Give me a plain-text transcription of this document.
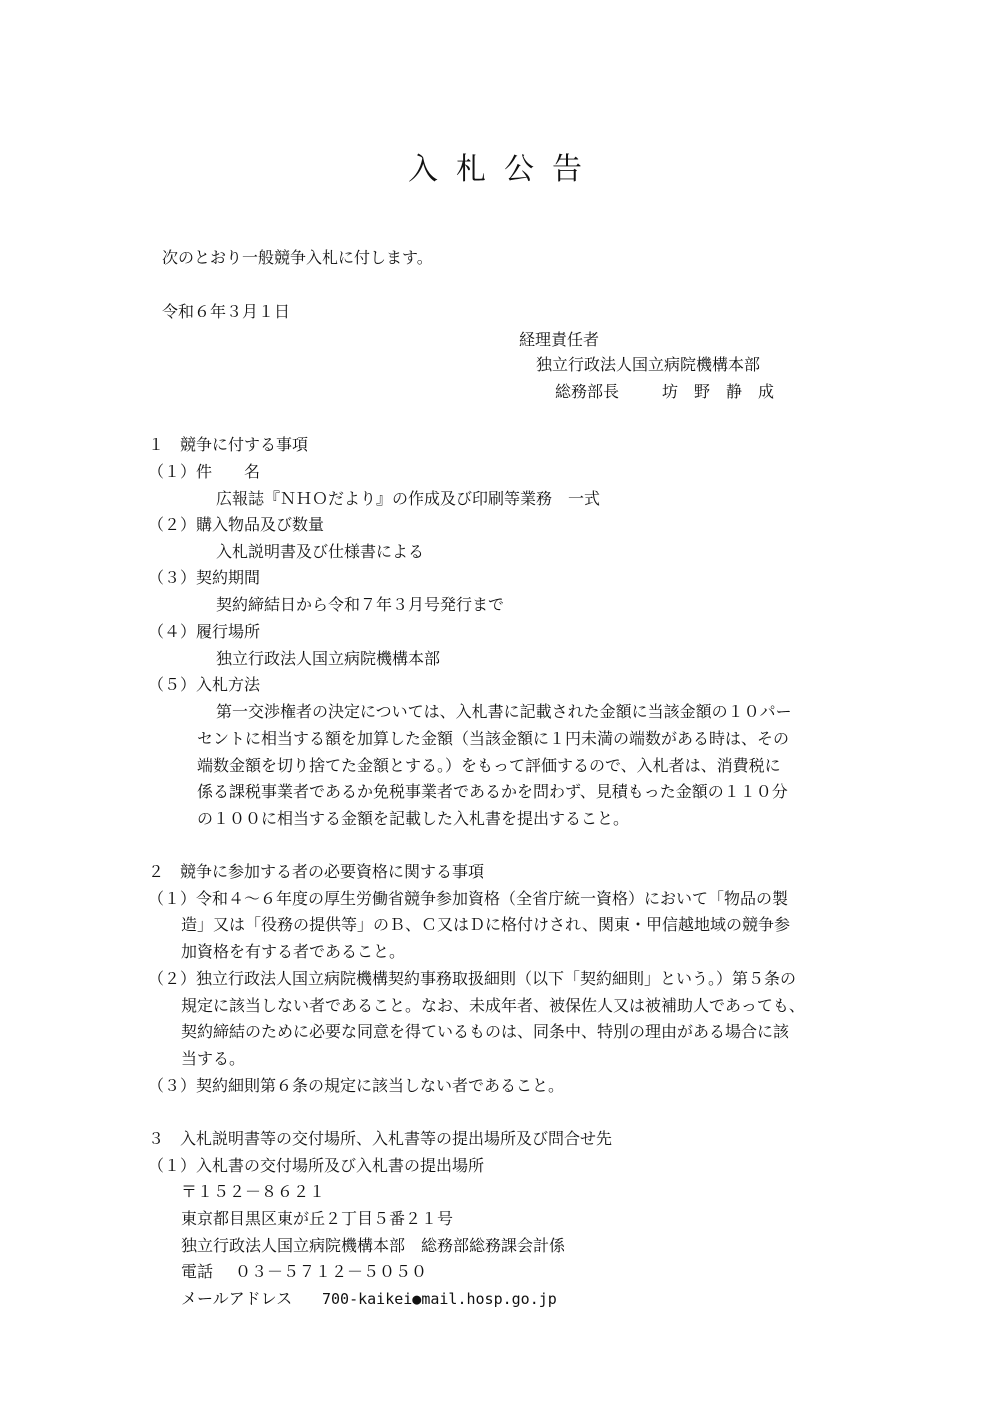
入札公告
次のとおり一般競争入札に付します。
令和６年３月１日
経理責任者
独立行政法人国立病院機構本部
総務部長	坊　野　静　成
１　競争に付する事項
（１）件　　名
広報誌『ＮＨＯだより』の作成及び印刷等業務　一式
（２）購入物品及び数量
入札説明書及び仕様書による
（３）契約期間
契約締結日から令和７年３月号発行まで
（４）履行場所
独立行政法人国立病院機構本部
（５）入札方法
第一交渉権者の決定については、入札書に記載された金額に当該金額の１０パー
セントに相当する額を加算した金額（当該金額に１円未満の端数がある時は、その
端数金額を切り捨てた金額とする。）をもって評価するので、入札者は、消費税に
係る課税事業者であるか免税事業者であるかを問わず、見積もった金額の１１０分
の１００に相当する金額を記載した入札書を提出すること。
２　競争に参加する者の必要資格に関する事項
（１）令和４～６年度の厚生労働省競争参加資格（全省庁統一資格）において「物品の製
造」又は「役務の提供等」のＢ、Ｃ又はＤに格付けされ、関東・甲信越地域の競争参
加資格を有する者であること。
（２）独立行政法人国立病院機構契約事務取扱細則（以下「契約細則」という。）第５条の
規定に該当しない者であること。なお、未成年者、被保佐人又は被補助人であっても、
契約締結のために必要な同意を得ているものは、同条中、特別の理由がある場合に該
当する。
（３）契約細則第６条の規定に該当しない者であること。
３　入札説明書等の交付場所、入札書等の提出場所及び問合せ先
（１）入札書の交付場所及び入札書の提出場所
〒１５２－８６２１
東京都目黒区東が丘２丁目５番２１号
独立行政法人国立病院機構本部　総務部総務課会計係
電話 ０３－５７１２－５０５０
メールアドレス 700-kaikei●mail.hosp.go.jp
